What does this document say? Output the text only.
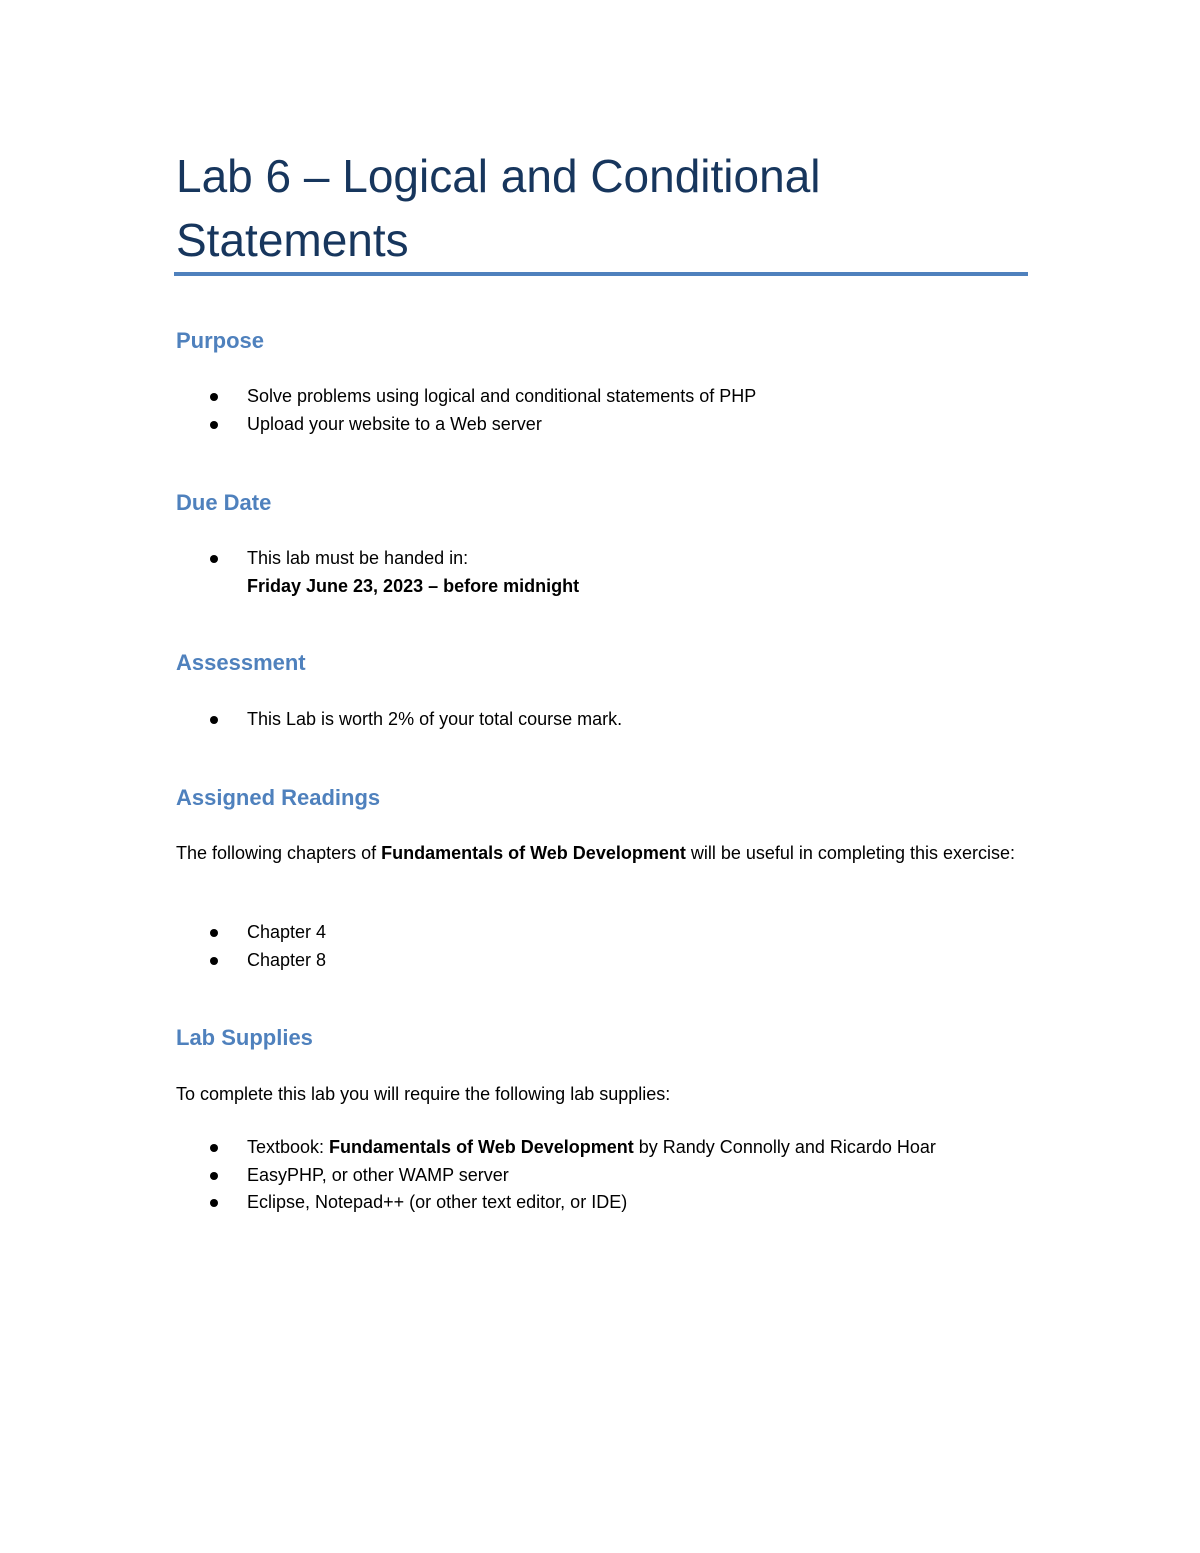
Lab 6 – Logical and Conditional Statements
Purpose
Solve problems using logical and conditional statements of PHP
Upload your website to a Web server
Due Date
This lab must be handed in:
Friday June 23, 2023 – before midnight
Assessment
This Lab is worth 2% of your total course mark.
Assigned Readings

The following chapters of Fundamentals of Web Development will be useful in completing this exercise:

Chapter 4
Chapter 8
Lab Supplies

To complete this lab you will require the following lab supplies:

Textbook: Fundamentals of Web Development by Randy Connolly and Ricardo Hoar
EasyPHP, or other WAMP server
Eclipse, Notepad++ (or other text editor, or IDE)
